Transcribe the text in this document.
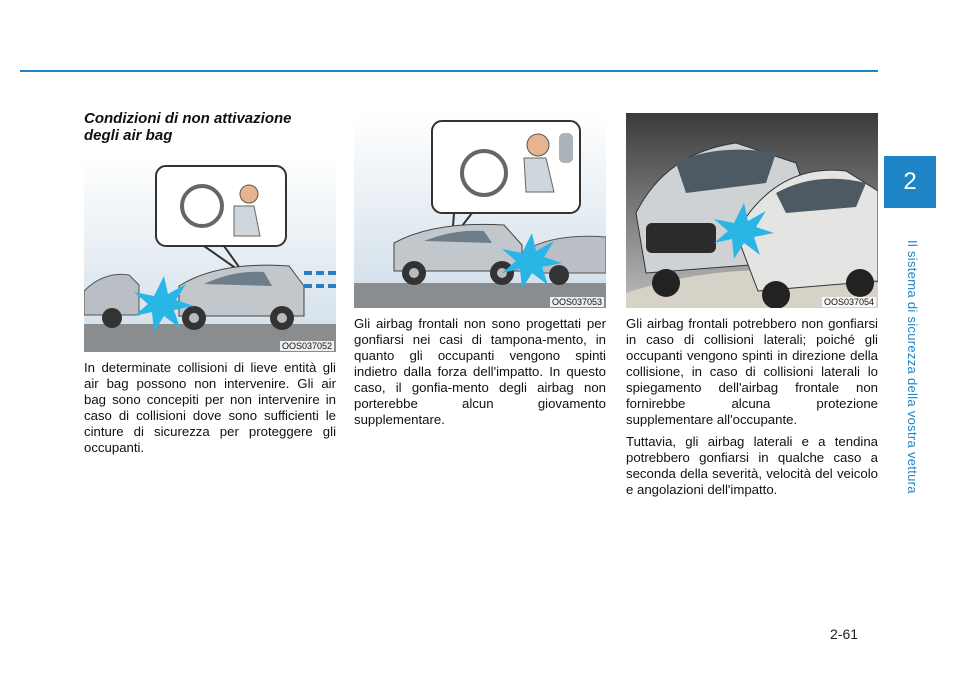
2
Il sistema di sicurezza della vostra vettura

Condizioni di non attivazione
degli air bag

OOS037052
OOS037053	OOS037054

In determinate collisioni di lieve entità gli air bag possono non intervenire. Gli air bag sono concepiti per non intervenire in caso di collisioni dove sono sufficienti le cinture di sicurezza per proteggere gli occupanti.

Gli airbag frontali non sono progettati per gonfiarsi nei casi di tampona-mento, in quanto gli occupanti vengono spinti indietro dalla forza dell'impatto. In questo caso, il gonfia-mento degli airbag non porterebbe alcun giovamento supplementare.

Gli airbag frontali potrebbero non gonfiarsi in caso di collisioni laterali; poiché gli occupanti vengono spinti in direzione della collisione, in caso di collisioni laterali lo spiegamento dell'airbag frontale non fornirebbe alcuna protezione supplementare all'occupante.

Tuttavia, gli airbag laterali e a tendina potrebbero gonfiarsi in qualche caso a seconda della severità, velocità del veicolo e angolazioni dell'impatto.

2-61
